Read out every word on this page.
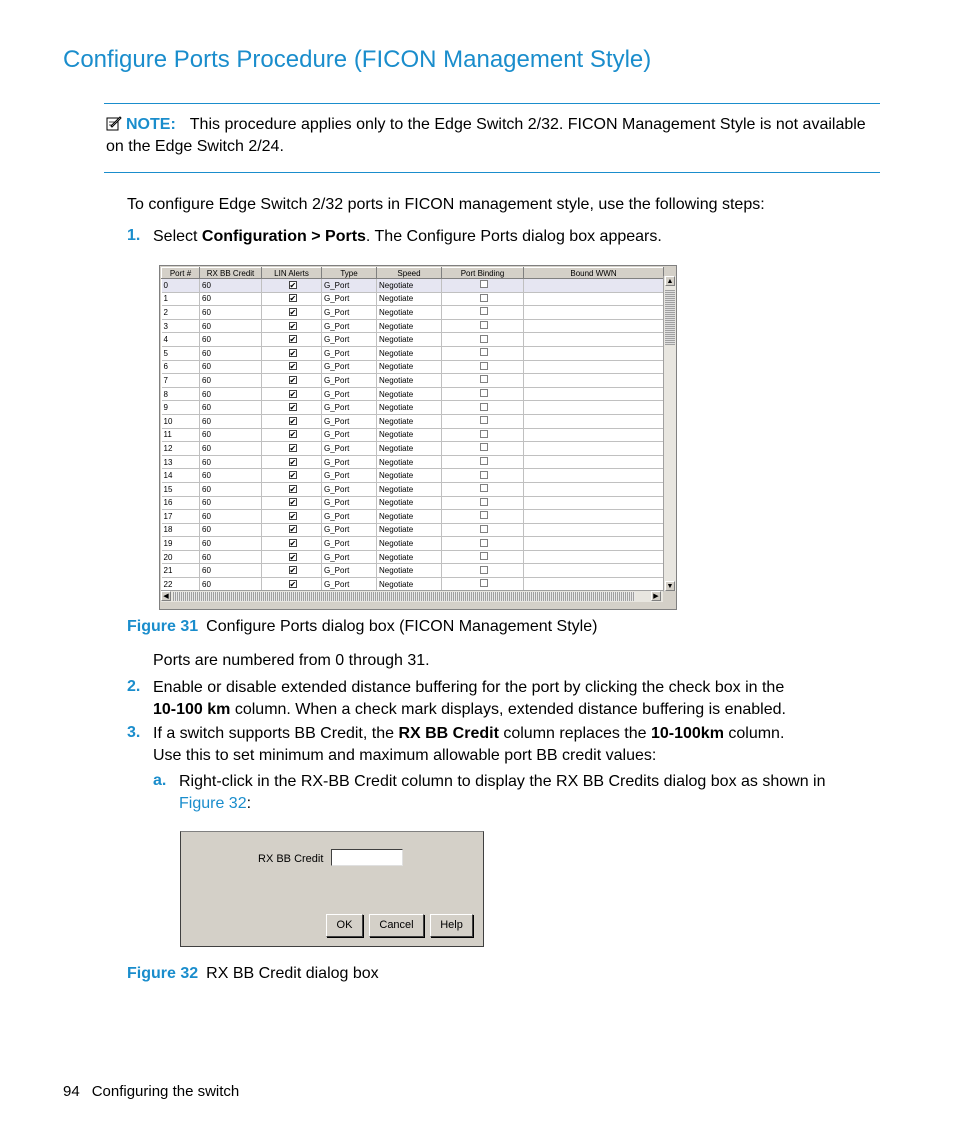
Configure Ports Procedure (FICON Management Style)
NOTE: This procedure applies only to the Edge Switch 2/32. FICON Management Style is not available on the Edge Switch 2/24.
To configure Edge Switch 2/32 ports in FICON management style, use the following steps:
1. Select Configuration > Ports. The Configure Ports dialog box appears.
Port #	RX BB Credit	LIN Alerts	Type	Speed	Port Binding	Bound WWN
0	60	✔	G_Port	Negotiate		
1	60	✔	G_Port	Negotiate		
2	60	✔	G_Port	Negotiate		
3	60	✔	G_Port	Negotiate		
4	60	✔	G_Port	Negotiate		
5	60	✔	G_Port	Negotiate		
6	60	✔	G_Port	Negotiate		
7	60	✔	G_Port	Negotiate		
8	60	✔	G_Port	Negotiate		
9	60	✔	G_Port	Negotiate		
10	60	✔	G_Port	Negotiate		
11	60	✔	G_Port	Negotiate		
12	60	✔	G_Port	Negotiate		
13	60	✔	G_Port	Negotiate		
14	60	✔	G_Port	Negotiate		
15	60	✔	G_Port	Negotiate		
16	60	✔	G_Port	Negotiate		
17	60	✔	G_Port	Negotiate		
18	60	✔	G_Port	Negotiate		
19	60	✔	G_Port	Negotiate		
20	60	✔	G_Port	Negotiate		
21	60	✔	G_Port	Negotiate		
22	60	✔	G_Port	Negotiate		
▲
▼
◀	▶
Figure 31 Configure Ports dialog box (FICON Management Style)
Ports are numbered from 0 through 31.
2. Enable or disable extended distance buffering for the port by clicking the check box in the
10-100 km column. When a check mark displays, extended distance buffering is enabled.
3. If a switch supports BB Credit, the RX BB Credit column replaces the 10-100km column.
Use this to set minimum and maximum allowable port BB credit values:
a. Right-click in the RX-BB Credit column to display the RX BB Credits dialog box as shown in
Figure 32:
RX BB Credit
OK	Cancel	Help
Figure 32 RX BB Credit dialog box
94 Configuring the switch
